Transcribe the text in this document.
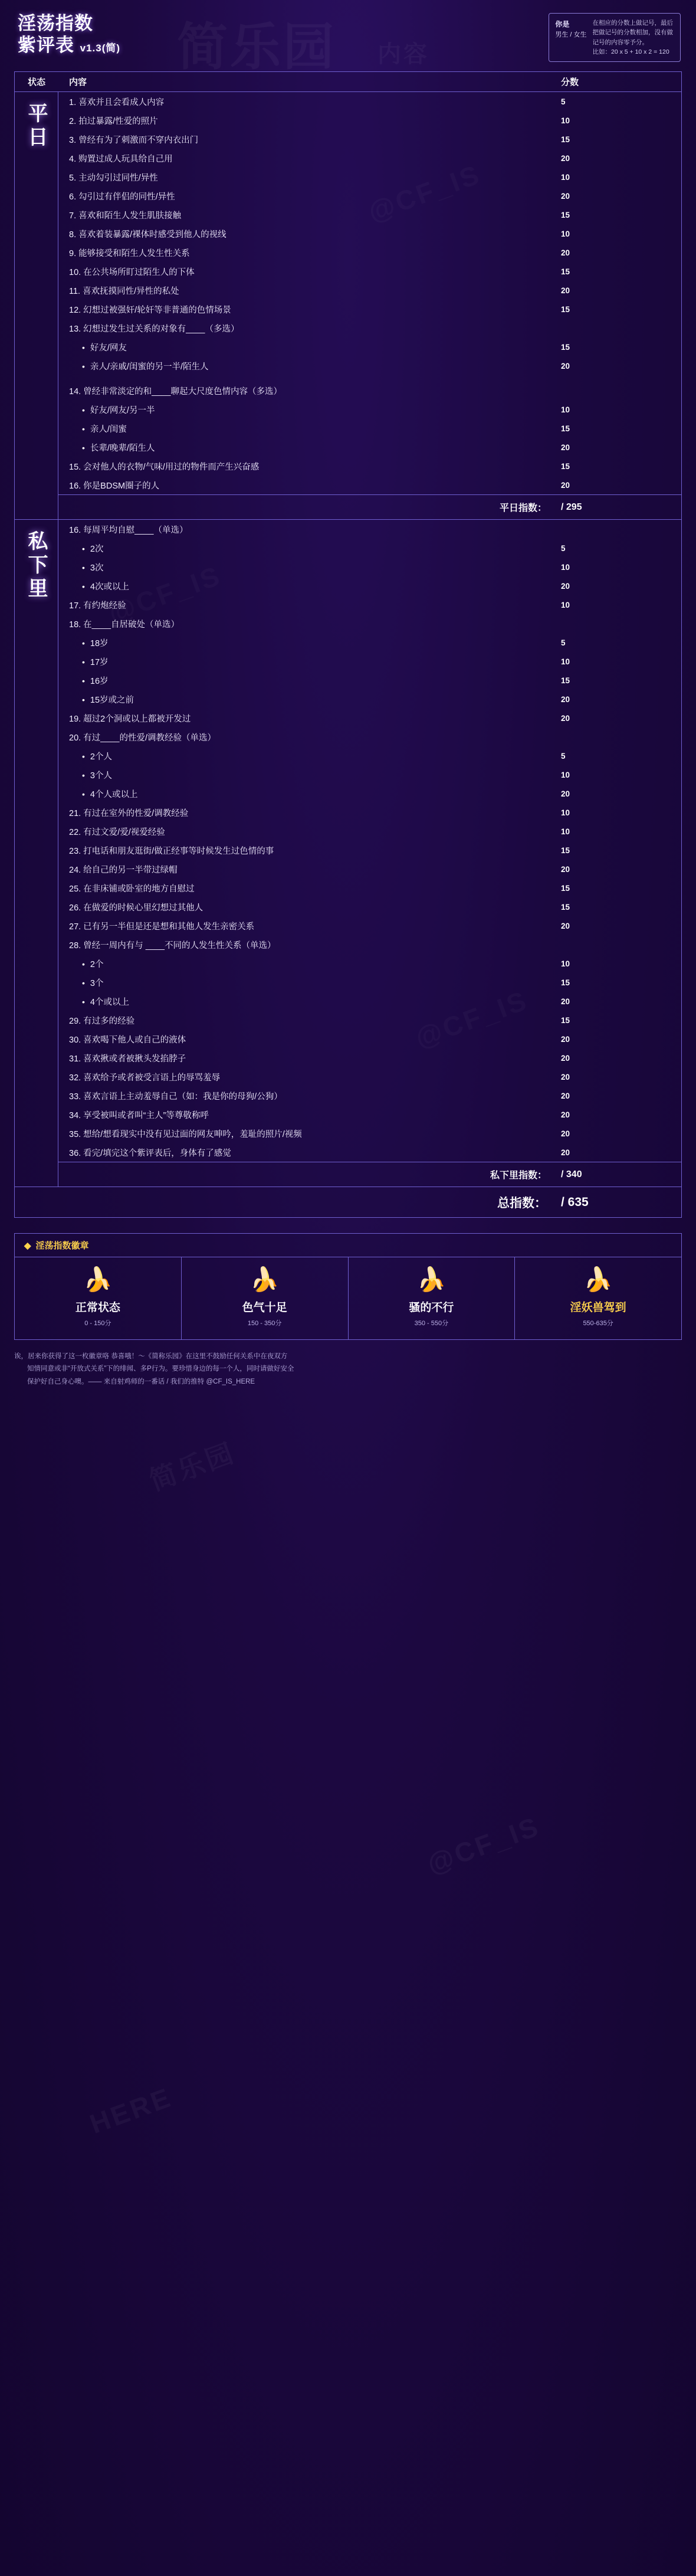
淫荡指数
紫评表 v1.3(简)
你是
男生 / 女生
在相应的分数上做记号，最后
把做记号的分数相加，没有做
记号的内容零予分。
比如：20 x 5 + 10 x 2 = 120
状态	内容	分数
平日
1. 喜欢并且会看成人内容	5
2. 拍过暴露/性爱的照片	10
3. 曾经有为了刺激而不穿内衣出门	15
4. 购置过成人玩具给自己用	20
5. 主动勾引过同性/异性	10
6. 勾引过有伴侣的同性/异性	20
7. 喜欢和陌生人发生肌肤接触	15
8. 喜欢着装暴露/裸体时感受到他人的视线	10
9. 能够接受和陌生人发生性关系	20
10. 在公共场所盯过陌生人的下体	15
11. 喜欢抚摸同性/异性的私处	20
12. 幻想过被强奸/轮奸等非普通的色情场景	15
13. 幻想过发生过关系的对象有____（多选）
• 好友/网友	15
• 亲人/亲戚/闺蜜的另一半/陌生人	20
14. 曾经非常淡定的和____聊起大尺度色情内容（多选）
• 好友/网友/另一半	10
• 亲人/闺蜜	15
• 长辈/晚辈/陌生人	20
15. 会对他人的衣物/气味/用过的物件而产生兴奋感	15
16. 你是BDSM圈子的人	20
平日指数：	/ 295
私下里
16. 每周平均自慰____（单选）
• 2次	5
• 3次	10
• 4次或以上	20
17. 有约炮经验	10
18. 在____自居破处（单选）
• 18岁	5
• 17岁	10
• 16岁	15
• 15岁或之前	20
19. 超过2个洞或以上都被开发过	20
20. 有过____的性爱/调教经验（单选）
• 2个人	5
• 3个人	10
• 4个人或以上	20
21. 有过在室外的性爱/调教经验	10
22. 有过文爱/爱/视爱经验	10
23. 打电话和朋友逛街/做正经事等时候发生过色情的事	15
24. 给自己的另一半带过绿帽	20
25. 在非床铺或卧室的地方自慰过	15
26. 在做爱的时候心里幻想过其他人	15
27. 已有另一半但是还是想和其他人发生亲密关系	20
28. 曾经一周内有与 ____不同的人发生性关系（单选）
• 2个	10
• 3个	15
• 4个或以上	20
29. 有过多的经验	15
30. 喜欢喝下他人或自己的液体	20
31. 喜欢揪或者被揪头发掐脖子	20
32. 喜欢给予或者被受言语上的辱骂羞辱	20
33. 喜欢言语上主动羞辱自己（如：我是你的母狗/公狗）	20
34. 享受被叫或者叫“主人”等尊敬称呼	20
35. 想给/想看现实中没有见过面的网友呻吟，羞耻的照片/视频	20
36. 看完/填完这个紫评表后，身体有了感觉	20
私下里指数：	/ 340
总指数：	/ 635
◆ 淫荡指数徽章
🍌
正常状态
0 - 150分
🍌
色气十足
150 - 350分
🍌
骚的不行
350 - 550分
🍌
淫妖兽驾到
550-635分
诶，居来你获得了这一枚徽章咯 恭喜哦！〜《简称乐园》在这里不鼓励任何关系中在夜双方
知情同意或非“开放式关系”下的绯闻、多P行为。要珍惜身边的每一个人，同时请做好安全
保护好自己身心噢。—— 来自射鸡师的一番话 / 我们的推特 @CF_IS_HERE
